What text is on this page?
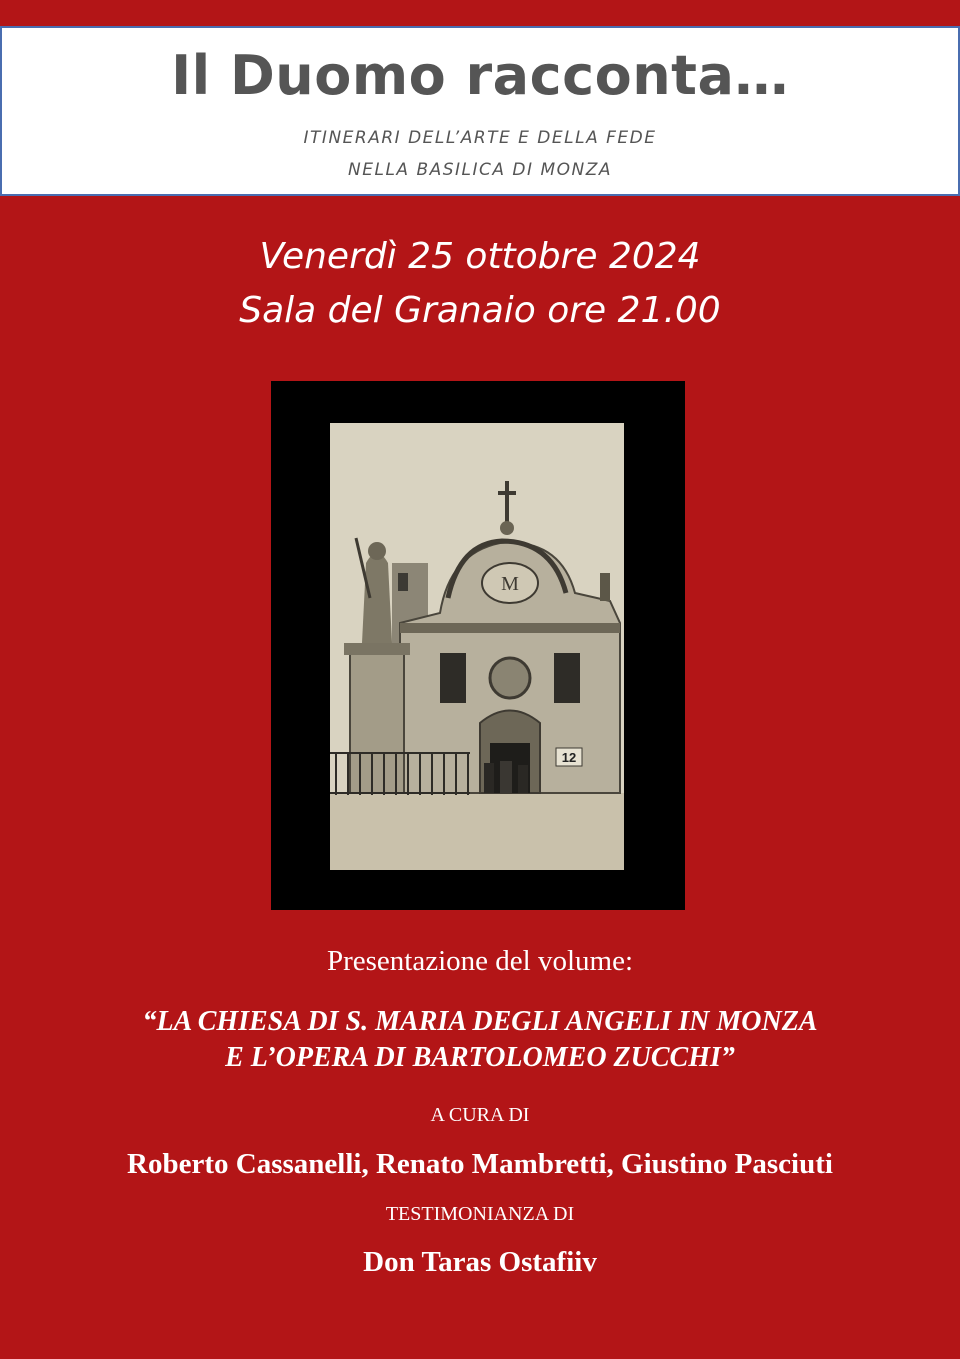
Il Duomo racconta…
ITINERARI DELL’ARTE E DELLA FEDE
NELLA BASILICA DI MONZA
Venerdì 25 ottobre 2024
Sala del Granaio ore 21.00
M
12
Presentazione del volume:
“LA CHIESA DI S. MARIA DEGLI ANGELI IN MONZA
E L’OPERA DI BARTOLOMEO ZUCCHI”
A CURA DI
Roberto Cassanelli, Renato Mambretti, Giustino Pasciuti
TESTIMONIANZA DI
Don Taras Ostafiiv
